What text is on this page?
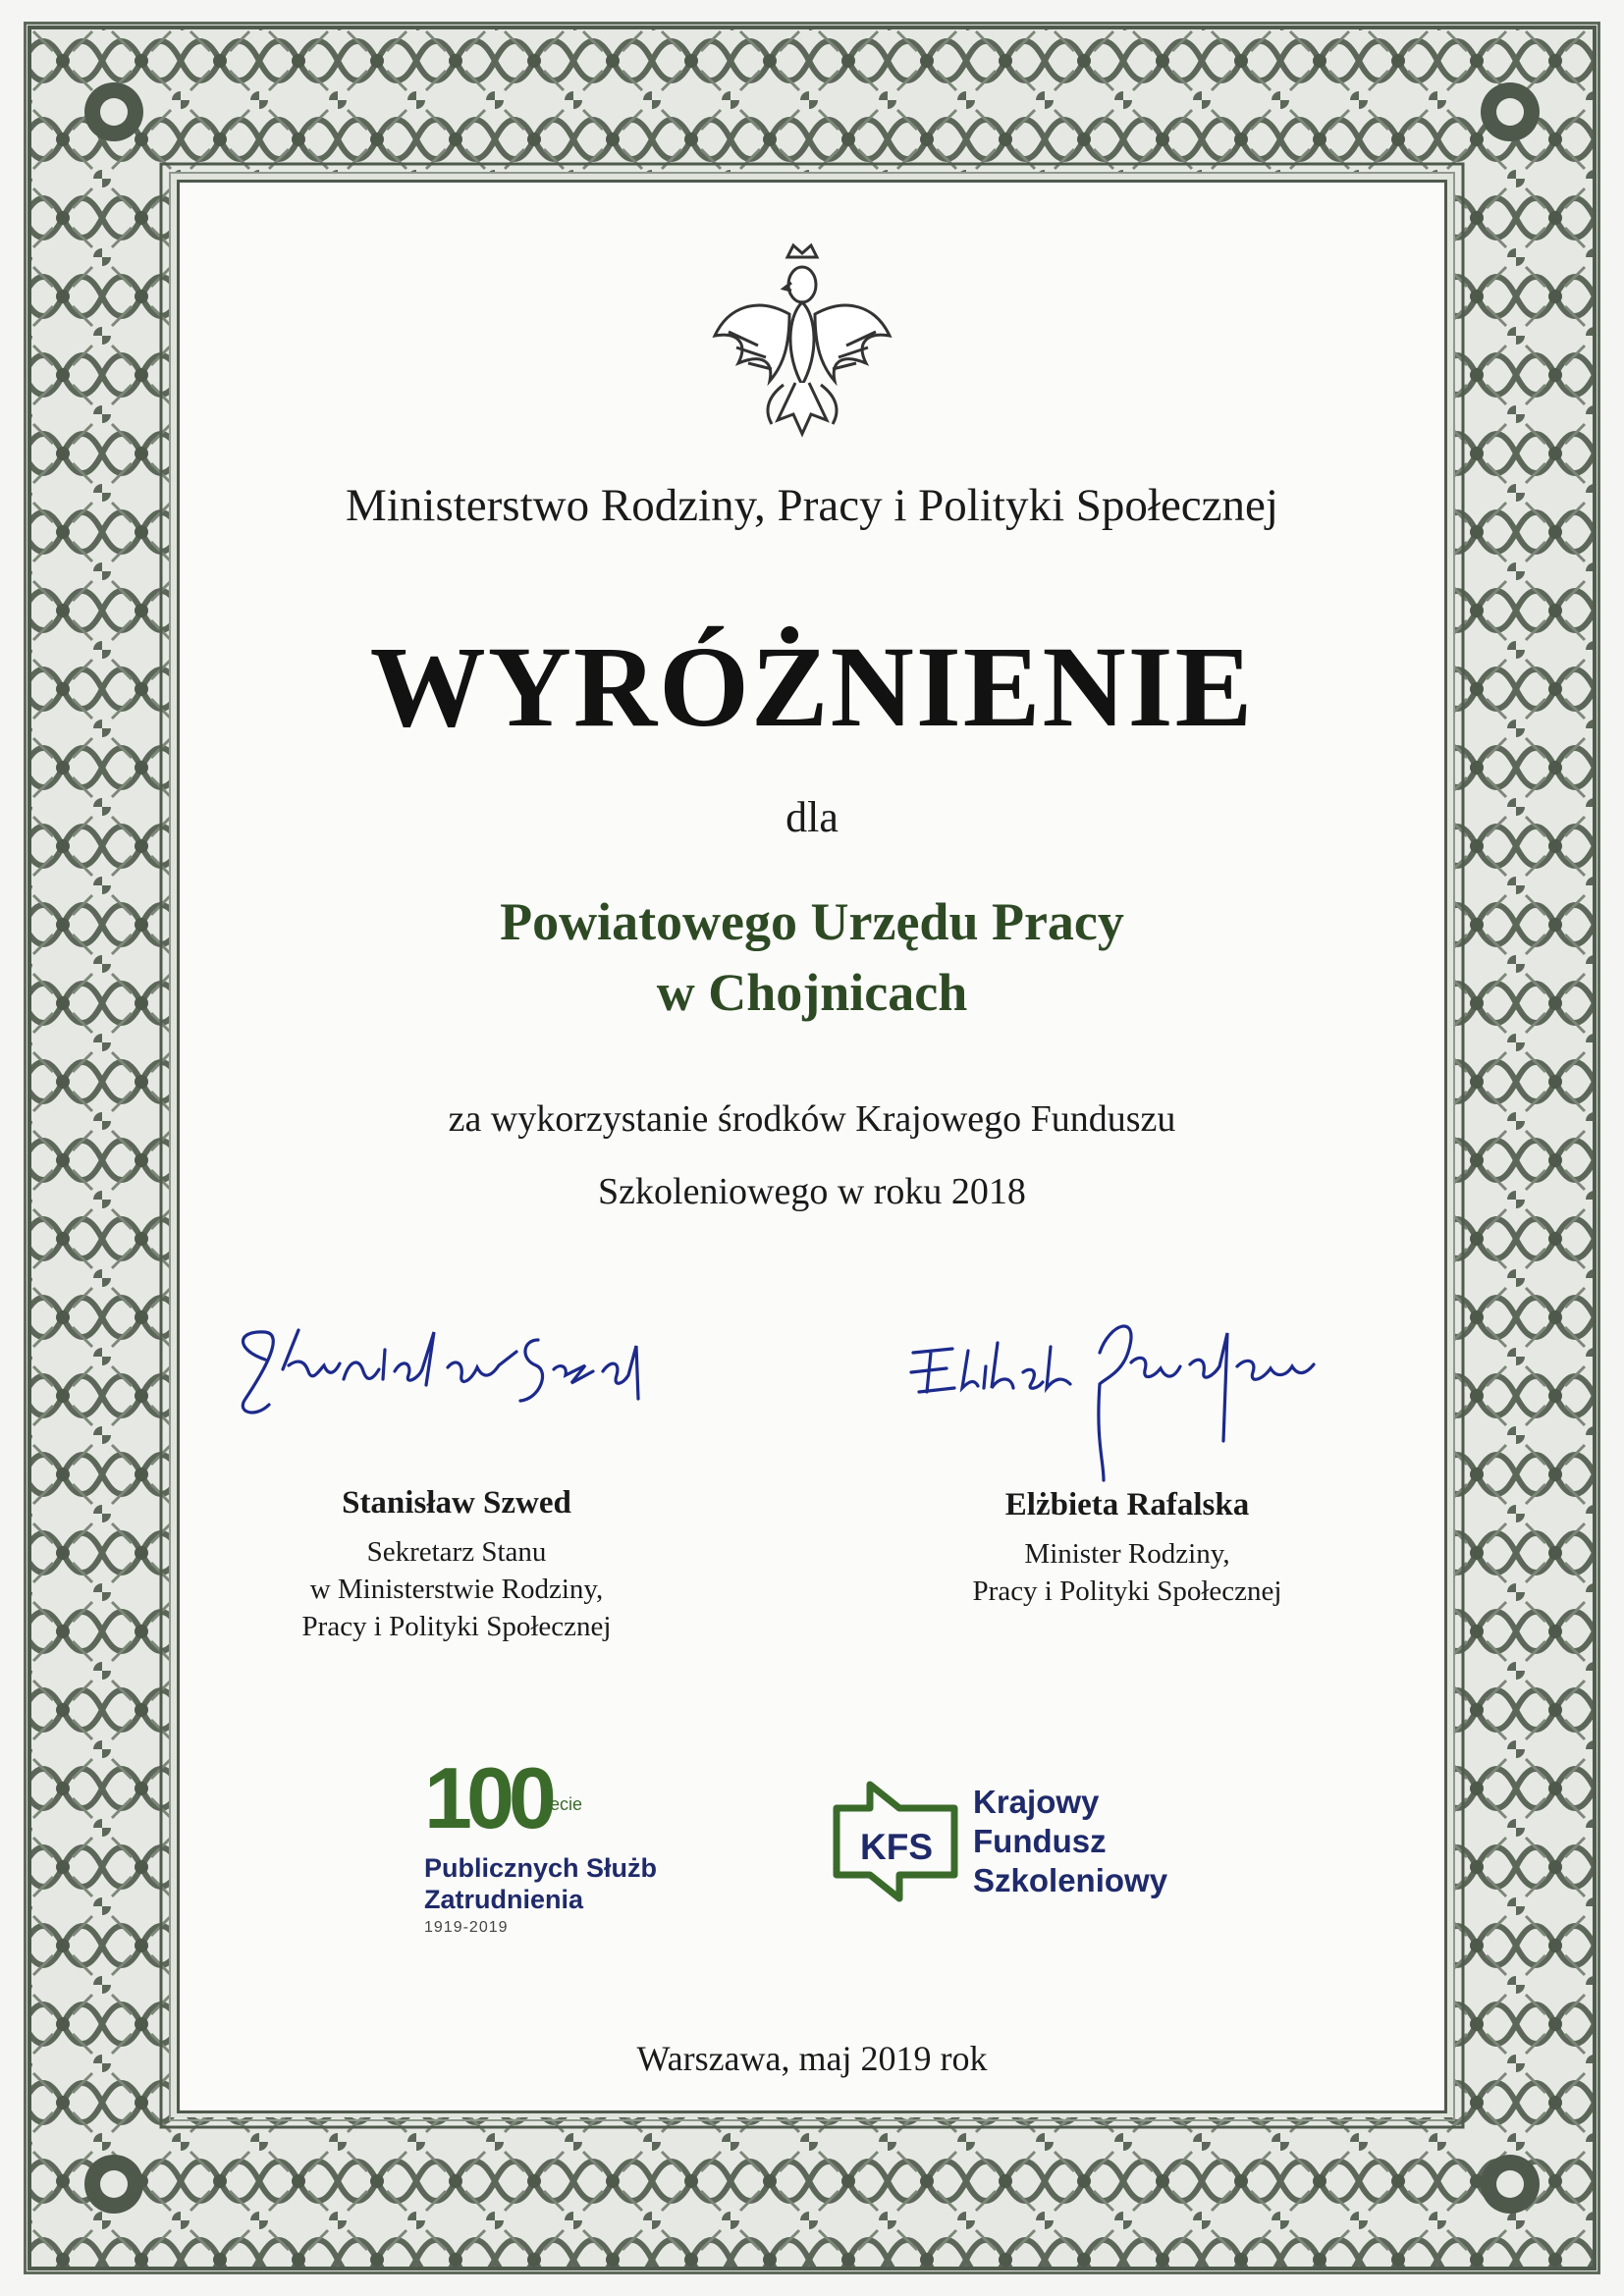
Ministerstwo Rodziny, Pracy i Polityki Społecznej
WYRÓŻNIENIE
dla
Powiatowego Urzędu Pracy
w Chojnicach
za wykorzystanie środków Krajowego Funduszu
Szkoleniowego w roku 2018
Stanisław Szwed
Sekretarz Stanu
w Ministerstwie Rodziny,
Pracy i Polityki Społecznej
Elżbieta Rafalska
Minister Rodziny,
Pracy i Polityki Społecznej
100
-lecie
Publicznych Służb
Zatrudnienia
1919-2019
KFS
Krajowy
Fundusz
Szkoleniowy
Warszawa, maj 2019 rok
